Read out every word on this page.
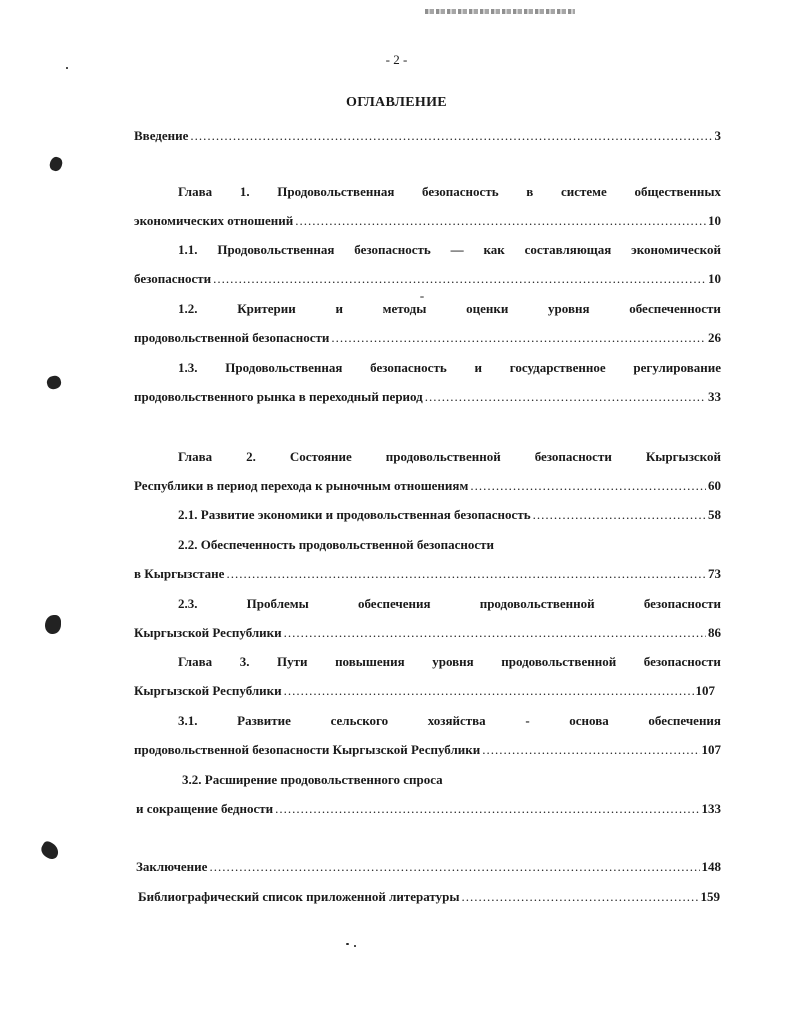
- 2 -
ОГЛАВЛЕНИЕ
Введение .....	3
Глава 1. Продовольственная безопасность в системе общественных
экономических отношений .....	10
1.1. Продовольственная безопасность — как составляющая экономической
безопасности .....	10
1.2.	Критерии	и	методы	оценки	уровня	обеспеченности
продовольственной безопасности .....	26
1.3. Продовольственная безопасность и государственное регулирование
продовольственного рынка в переходный период .....	33
Глава	2.	Состояние	продовольственной	безопасности	Кыргызской
Республики в период перехода к рыночным отношениям .....	60
2.1. Развитие экономики и продовольственная безопасность .....	58
2.2. Обеспеченность продовольственной безопасности
в Кыргызстане .....	73
2.3.	Проблемы	обеспечения	продовольственной	безопасности
Кыргызской Республики .....	86
Глава 3. Пути повышения уровня продовольственной безопасности
Кыргызской Республики .....	107
3.1.	Развитие	сельского	хозяйства	-	основа	обеспечения
продовольственной безопасности Кыргызской Республики .....	107
3.2. Расширение продовольственного спроса
и сокращение бедности .....	133
Заключение .....	148
Библиографический список приложенной литературы .....	159
